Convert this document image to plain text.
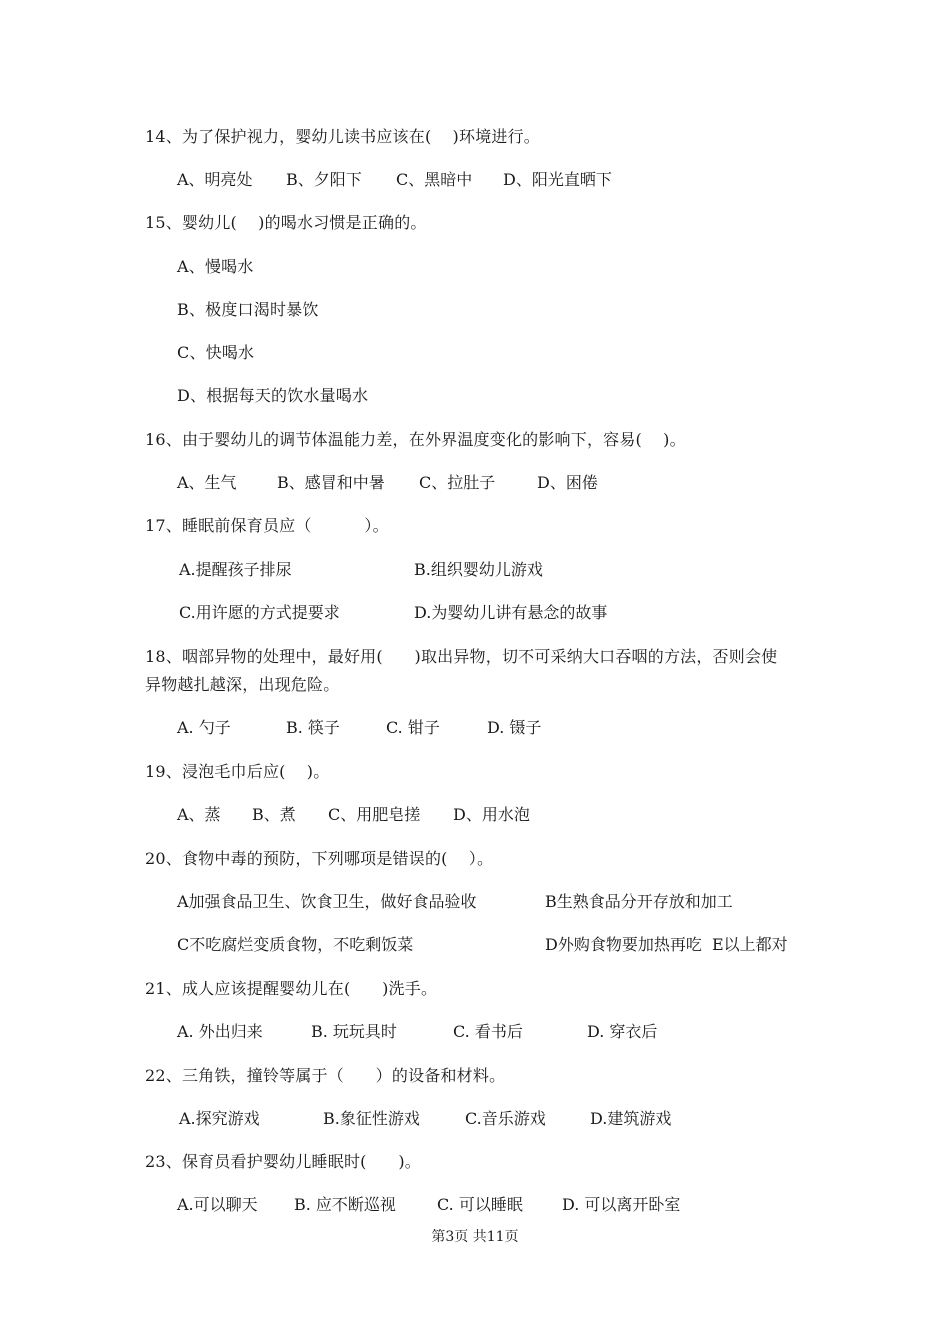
14、为了保护视力，婴幼儿读书应该在(    )环境进行。
A、明亮处 B、夕阳下 C、黑暗中 D、阳光直晒下
15、婴幼儿(    )的喝水习惯是正确的。
A、慢喝水
B、极度口渴时暴饮
C、快喝水
D、根据每天的饮水量喝水
16、由于婴幼儿的调节体温能力差，在外界温度变化的影响下，容易(    )。
A、生气	B、感冒和中暑 C、拉肚子	D、困倦
17、睡眠前保育员应（          ）。
A.提醒孩子排尿	B.组织婴幼儿游戏
C.用许愿的方式提要求	D.为婴幼儿讲有悬念的故事
18、咽部异物的处理中，最好用(      )取出异物，切不可采纳大口吞咽的方法，否则会使
异物越扎越深，出现危险。
A. 勺子	B. 筷子	C. 钳子	D. 镊子
19、浸泡毛巾后应(    )。
A、蒸 B、煮 C、用肥皂搓 D、用水泡
20、食物中毒的预防，下列哪项是错误的(    ）。
A加强食品卫生、饮食卫生，做好食品验收	B生熟食品分开存放和加工
C不吃腐烂变质食物，不吃剩饭菜	D外购食物要加热再吃 E以上都对
21、成人应该提醒婴幼儿在(      )洗手。
A. 外出归来	B. 玩玩具时	C. 看书后	D. 穿衣后
22、三角铁，撞铃等属于（      ）的设备和材料。
A.探究游戏	B.象征性游戏	C.音乐游戏	D.建筑游戏
23、保育员看护婴幼儿睡眠时(      )。
A.可以聊天 B. 应不断巡视	C. 可以睡眠 D. 可以离开卧室
第3页 共11页
